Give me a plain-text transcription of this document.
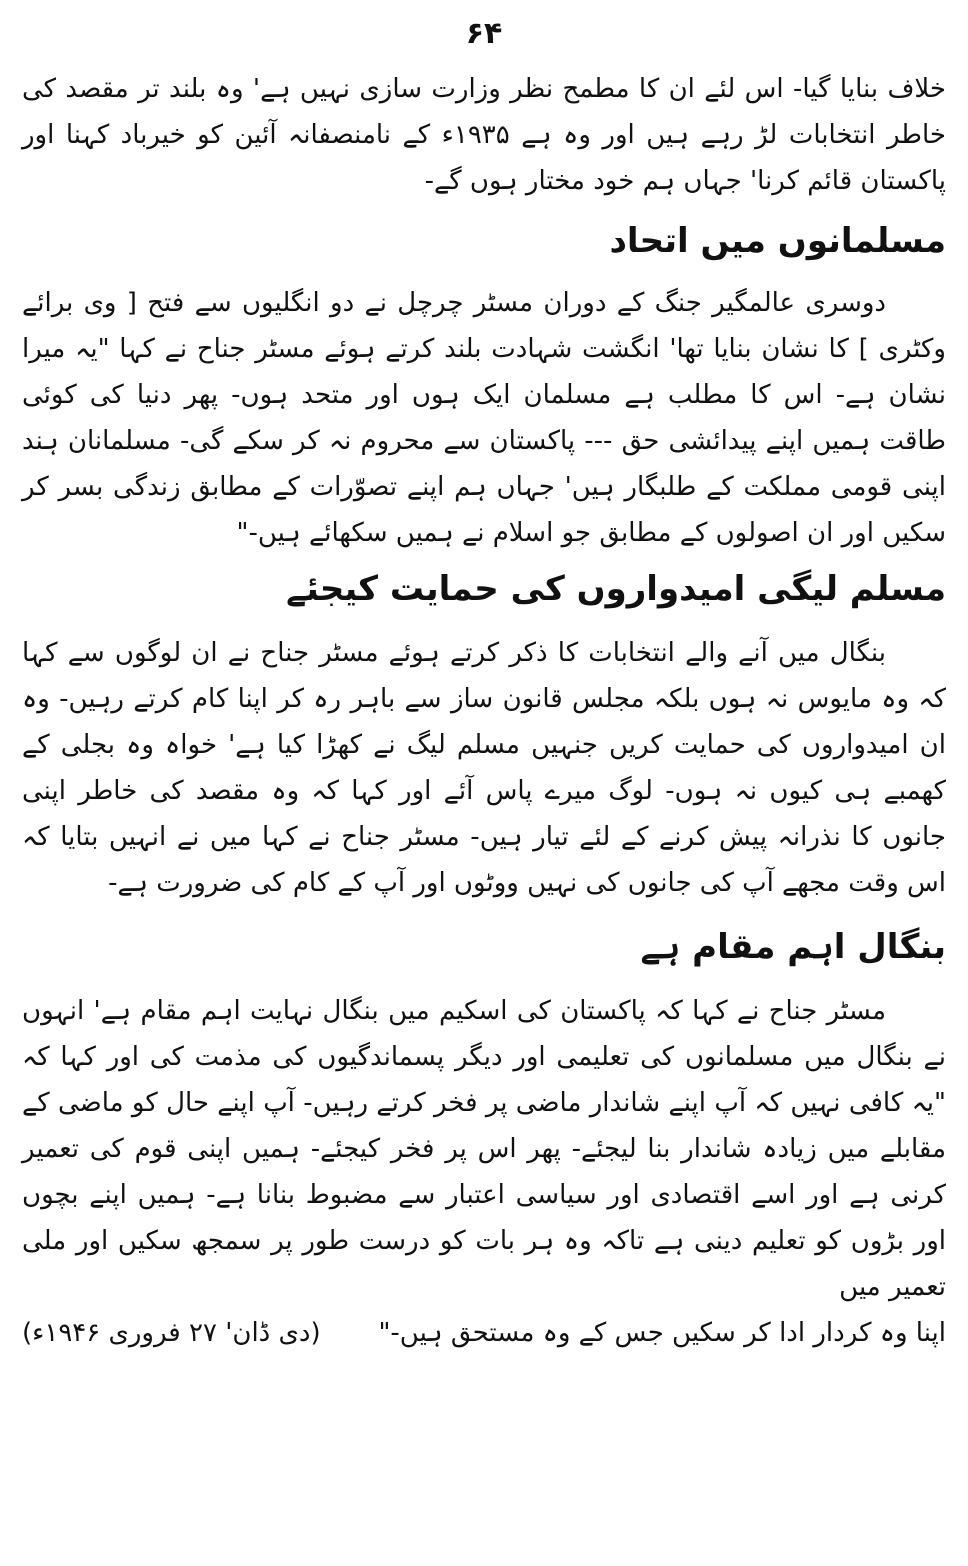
۶۴

خلاف بنایا گیا- اس لئے ان کا مطمح نظر وزارت سازی نہیں ہے' وہ بلند تر مقصد کی خاطر انتخابات لڑ رہے ہیں اور وہ ہے ۱۹۳۵ء کے نامنصفانہ آئین کو خیرباد کہنا اور پاکستان قائم کرنا' جہاں ہم خود مختار ہوں گے-

مسلمانوں میں اتحاد

دوسری عالمگیر جنگ کے دوران مسٹر چرچل نے دو انگلیوں سے فتح [ وی برائے وکٹری ] کا نشان بنایا تھا' انگشت شہادت بلند کرتے ہوئے مسٹر جناح نے کہا "یہ میرا نشان ہے- اس کا مطلب ہے مسلمان ایک ہوں اور متحد ہوں- پھر دنیا کی کوئی طاقت ہمیں اپنے پیدائشی حق --- پاکستان سے محروم نہ کر سکے گی- مسلمانان ہند اپنی قومی مملکت کے طلبگار ہیں' جہاں ہم اپنے تصوّرات کے مطابق زندگی بسر کر سکیں اور ان اصولوں کے مطابق جو اسلام نے ہمیں سکھائے ہیں-"

مسلم لیگی امیدواروں کی حمایت کیجئے

بنگال میں آنے والے انتخابات کا ذکر کرتے ہوئے مسٹر جناح نے ان لوگوں سے کہا کہ وہ مایوس نہ ہوں بلکہ مجلس قانون ساز سے باہر رہ کر اپنا کام کرتے رہیں- وہ ان امیدواروں کی حمایت کریں جنہیں مسلم لیگ نے کھڑا کیا ہے' خواہ وہ بجلی کے کھمبے ہی کیوں نہ ہوں- لوگ میرے پاس آئے اور کہا کہ وہ مقصد کی خاطر اپنی جانوں کا نذرانہ پیش کرنے کے لئے تیار ہیں- مسٹر جناح نے کہا میں نے انہیں بتایا کہ اس وقت مجھے آپ کی جانوں کی نہیں ووٹوں اور آپ کے کام کی ضرورت ہے-

بنگال اہم مقام ہے

مسٹر جناح نے کہا کہ پاکستان کی اسکیم میں بنگال نہایت اہم مقام ہے' انہوں نے بنگال میں مسلمانوں کی تعلیمی اور دیگر پسماندگیوں کی مذمت کی اور کہا کہ "یہ کافی نہیں کہ آپ اپنے شاندار ماضی پر فخر کرتے رہیں- آپ اپنے حال کو ماضی کے مقابلے میں زیادہ شاندار بنا لیجئے- پھر اس پر فخر کیجئے- ہمیں اپنی قوم کی تعمیر کرنی ہے اور اسے اقتصادی اور سیاسی اعتبار سے مضبوط بنانا ہے- ہمیں اپنے بچوں اور بڑوں کو تعلیم دینی ہے تاکہ وہ ہر بات کو درست طور پر سمجھ سکیں اور ملی تعمیر میں

اپنا وہ کردار ادا کر سکیں جس کے وہ مستحق ہیں-"
(دی ڈان' ۲۷ فروری ۱۹۴۶ء)
